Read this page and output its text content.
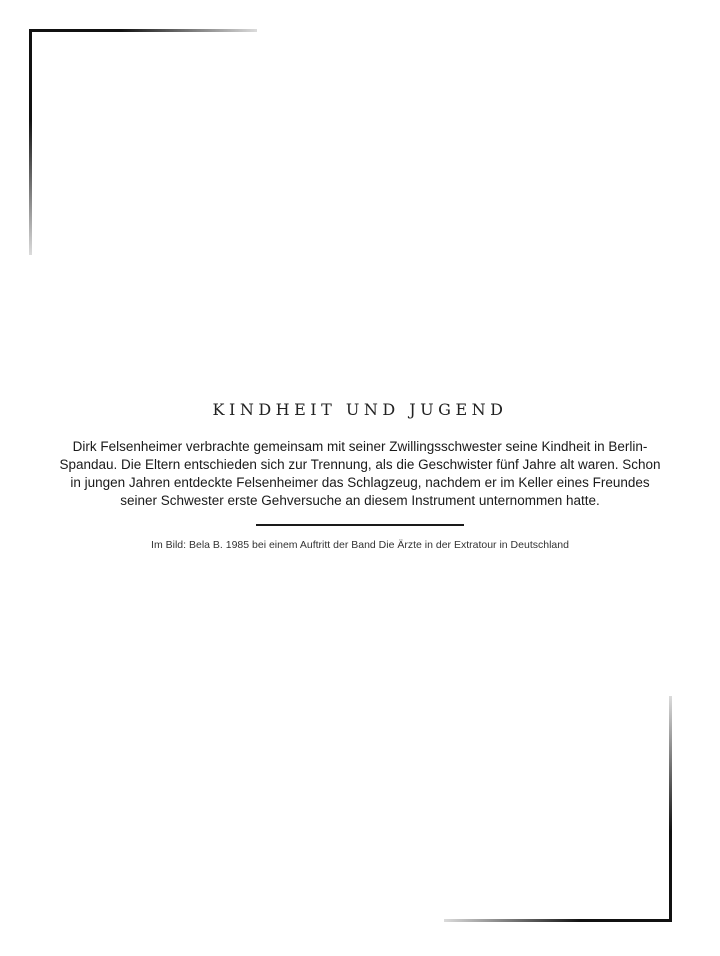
KINDHEIT UND JUGEND

Dirk Felsenheimer verbrachte gemeinsam mit seiner Zwillingsschwester seine Kindheit in Berlin-Spandau. Die Eltern entschieden sich zur Trennung, als die Geschwister fünf Jahre alt waren. Schon in jungen Jahren entdeckte Felsenheimer das Schlagzeug, nachdem er im Keller eines Freundes seiner Schwester erste Gehversuche an diesem Instrument unternommen hatte.

Im Bild: Bela B. 1985 bei einem Auftritt der Band Die Ärzte in der Extratour in Deutschland
